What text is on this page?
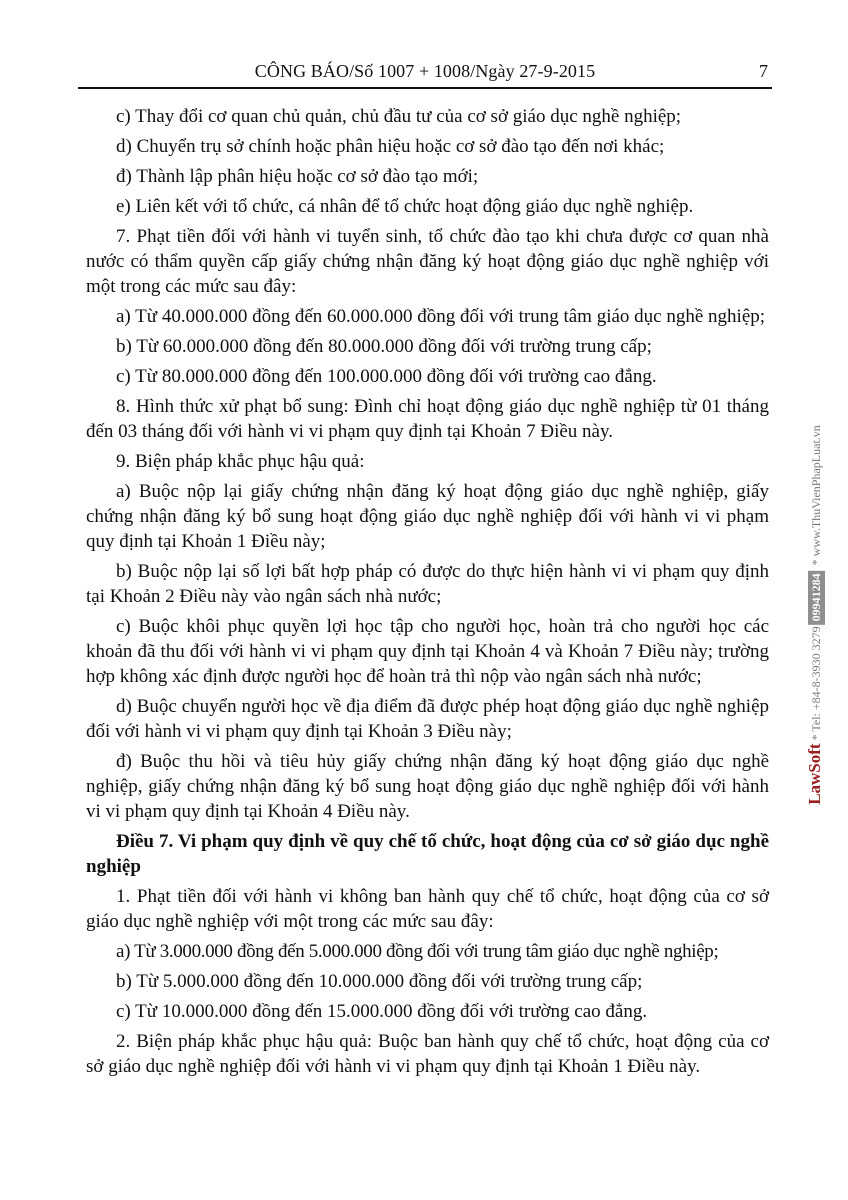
CÔNG BÁO/Số 1007 + 1008/Ngày 27-9-2015	7

c) Thay đổi cơ quan chủ quản, chủ đầu tư của cơ sở giáo dục nghề nghiệp;

d) Chuyển trụ sở chính hoặc phân hiệu hoặc cơ sở đào tạo đến nơi khác;

đ) Thành lập phân hiệu hoặc cơ sở đào tạo mới;

e) Liên kết với tổ chức, cá nhân để tổ chức hoạt động giáo dục nghề nghiệp.

7. Phạt tiền đối với hành vi tuyển sinh, tổ chức đào tạo khi chưa được cơ quan nhà nước có thẩm quyền cấp giấy chứng nhận đăng ký hoạt động giáo dục nghề nghiệp với một trong các mức sau đây:

a) Từ 40.000.000 đồng đến 60.000.000 đồng đối với trung tâm giáo dục nghề nghiệp;

b) Từ 60.000.000 đồng đến 80.000.000 đồng đối với trường trung cấp;

c) Từ 80.000.000 đồng đến 100.000.000 đồng đối với trường cao đẳng.

8. Hình thức xử phạt bổ sung: Đình chỉ hoạt động giáo dục nghề nghiệp từ 01 tháng đến 03 tháng đối với hành vi vi phạm quy định tại Khoản 7 Điều này.

9. Biện pháp khắc phục hậu quả:

a) Buộc nộp lại giấy chứng nhận đăng ký hoạt động giáo dục nghề nghiệp, giấy chứng nhận đăng ký bổ sung hoạt động giáo dục nghề nghiệp đối với hành vi vi phạm quy định tại Khoản 1 Điều này;

b) Buộc nộp lại số lợi bất hợp pháp có được do thực hiện hành vi vi phạm quy định tại Khoản 2 Điều này vào ngân sách nhà nước;

c) Buộc khôi phục quyền lợi học tập cho người học, hoàn trả cho người học các khoản đã thu đối với hành vi vi phạm quy định tại Khoản 4 và Khoản 7 Điều này; trường hợp không xác định được người học để hoàn trả thì nộp vào ngân sách nhà nước;

d) Buộc chuyển người học về địa điểm đã được phép hoạt động giáo dục nghề nghiệp đối với hành vi vi phạm quy định tại Khoản 3 Điều này;

đ) Buộc thu hồi và tiêu hủy giấy chứng nhận đăng ký hoạt động giáo dục nghề nghiệp, giấy chứng nhận đăng ký bổ sung hoạt động giáo dục nghề nghiệp đối với hành vi vi phạm quy định tại Khoản 4 Điều này.

Điều 7. Vi phạm quy định về quy chế tổ chức, hoạt động của cơ sở giáo dục nghề nghiệp

1. Phạt tiền đối với hành vi không ban hành quy chế tổ chức, hoạt động của cơ sở giáo dục nghề nghiệp với một trong các mức sau đây:

a) Từ 3.000.000 đồng đến 5.000.000 đồng đối với trung tâm giáo dục nghề nghiệp;

b) Từ 5.000.000 đồng đến 10.000.000 đồng đối với trường trung cấp;

c) Từ 10.000.000 đồng đến 15.000.000 đồng đối với trường cao đẳng.

2. Biện pháp khắc phục hậu quả: Buộc ban hành quy chế tổ chức, hoạt động của cơ sở giáo dục nghề nghiệp đối với hành vi vi phạm quy định tại Khoản 1 Điều này.

LawSoft * Tel: +84-8-3930 327909941284 * www.ThuVienPhapLuat.vn
